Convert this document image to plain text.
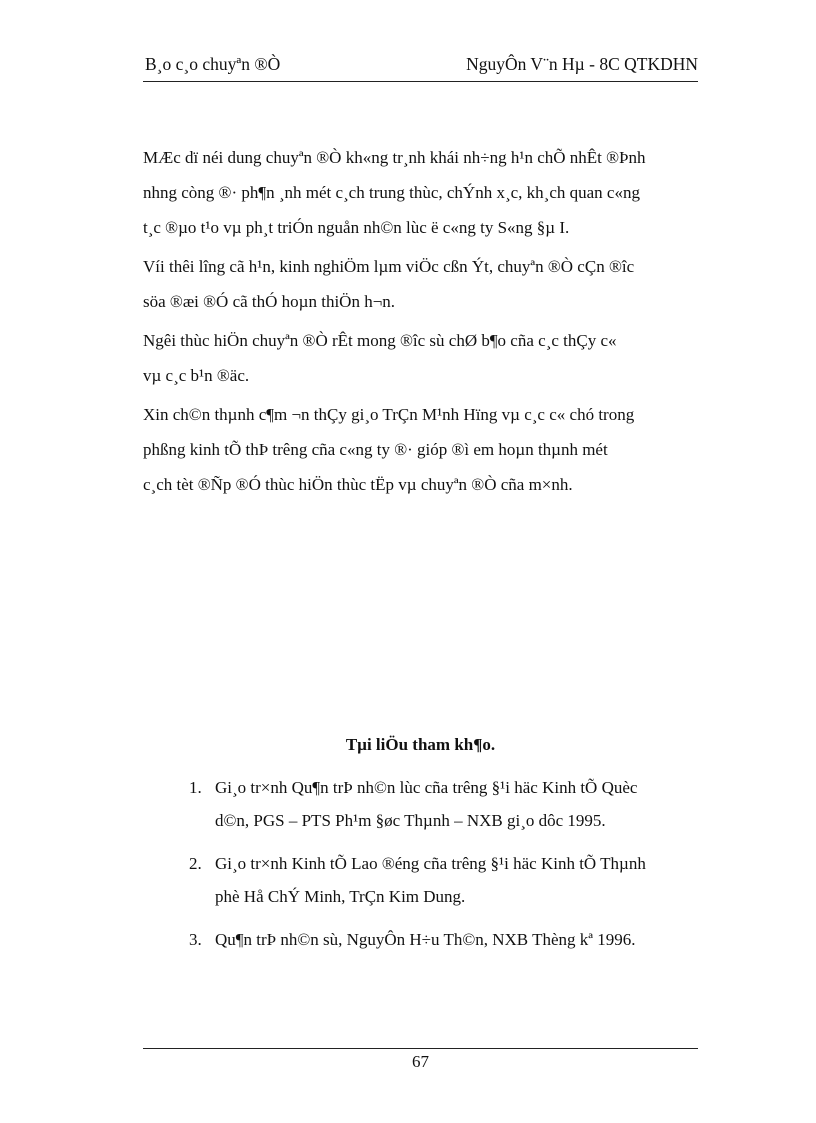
B¸o c¸o chuyªn ®Ò	NguyÔn V¨n Hµ - 8C QTKDHN

MÆc dï néi dung chuyªn ®Ò kh«ng tr¸nh khái nh÷ng h¹n chÕ nhÊt ®Þnh
nhng còng ®· ph¶n ¸nh mét c¸ch trung thùc, chÝnh x¸c, kh¸ch quan c«ng
t¸c ®µo t¹o vµ ph¸t triÓn nguån nh©n lùc ë c«ng ty S«ng §µ I.

Víi thêi lîng cã h¹n, kinh nghiÖm lµm viÖc cßn Ýt, chuyªn ®Ò cÇn ®îc
söa ®æi ®Ó cã thÓ hoµn thiÖn h¬n.

Ngêi thùc hiÖn chuyªn ®Ò rÊt mong ®îc sù chØ b¶o cña c¸c thÇy c«
vµ c¸c b¹n ®äc.

Xin ch©n thµnh c¶m ¬n thÇy gi¸o TrÇn M¹nh Hïng vµ c¸c c« chó trong
phßng kinh tÕ thÞ trêng cña c«ng ty ®· gióp ®ì em hoµn thµnh mét
c¸ch tèt ®Ñp ®Ó thùc hiÖn thùc tËp vµ chuyªn ®Ò cña m×nh.

Tµi liÖu tham kh¶o.
1. Gi¸o tr×nh Qu¶n trÞ nh©n lùc cña trêng §¹i häc Kinh tÕ Quèc
d©n, PGS – PTS Ph¹m §øc Thµnh – NXB gi¸o dôc 1995.
2. Gi¸o tr×nh Kinh tÕ Lao ®éng cña trêng §¹i häc Kinh tÕ Thµnh
phè Hå ChÝ Minh, TrÇn Kim Dung.
3. Qu¶n trÞ nh©n sù, NguyÔn H÷u Th©n, NXB Thèng kª 1996.
67
